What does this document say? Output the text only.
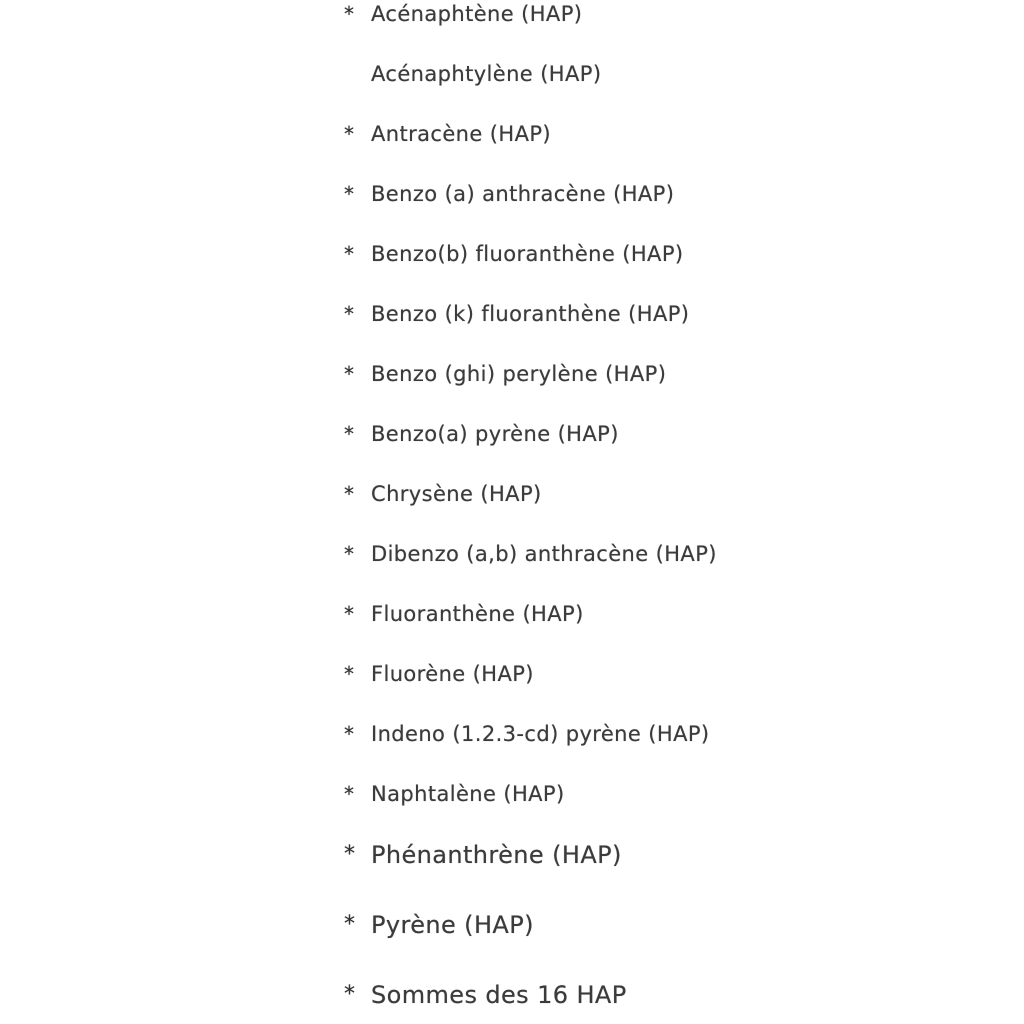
* Acénaphtène (HAP)
Acénaphtylène (HAP)
* Antracène (HAP)
* Benzo (a) anthracène (HAP)
* Benzo(b) fluoranthène (HAP)
* Benzo (k) fluoranthène (HAP)
* Benzo (ghi) perylène (HAP)
* Benzo(a) pyrène (HAP)
* Chrysène (HAP)
* Dibenzo (a,b) anthracène (HAP)
* Fluoranthène (HAP)
* Fluorène (HAP)
* Indeno (1.2.3-cd) pyrène (HAP)
* Naphtalène (HAP)
* Phénanthrène (HAP)
* Pyrène (HAP)
* Sommes des 16 HAP
